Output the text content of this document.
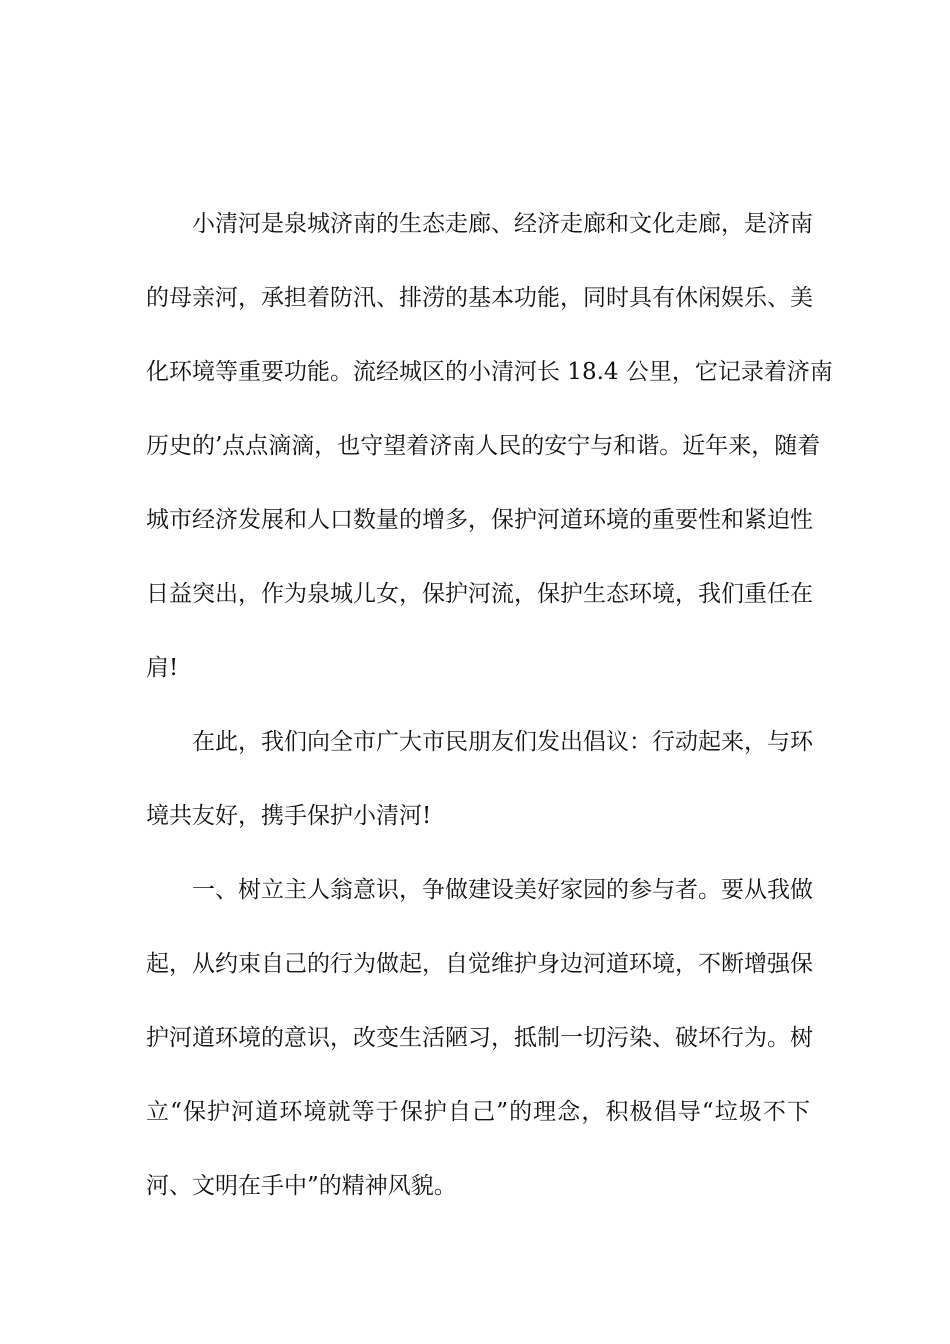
小清河是泉城济南的生态走廊、经济走廊和文化走廊，是济南
的母亲河，承担着防汛、排涝的基本功能，同时具有休闲娱乐、美
化环境等重要功能。流经城区的小清河长 18.4 公里，它记录着济南
历史的’点点滴滴，也守望着济南人民的安宁与和谐。近年来，随着
城市经济发展和人口数量的增多，保护河道环境的重要性和紧迫性
日益突出，作为泉城儿女，保护河流，保护生态环境，我们重任在
肩!
在此，我们向全市广大市民朋友们发出倡议：行动起来，与环
境共友好，携手保护小清河!
一、树立主人翁意识，争做建设美好家园的参与者。要从我做
起，从约束自己的行为做起，自觉维护身边河道环境，不断增强保
护河道环境的意识，改变生活陋习，抵制一切污染、破坏行为。树
立“保护河道环境就等于保护自己”的理念，积极倡导“垃圾不下
河、文明在手中”的精神风貌。
